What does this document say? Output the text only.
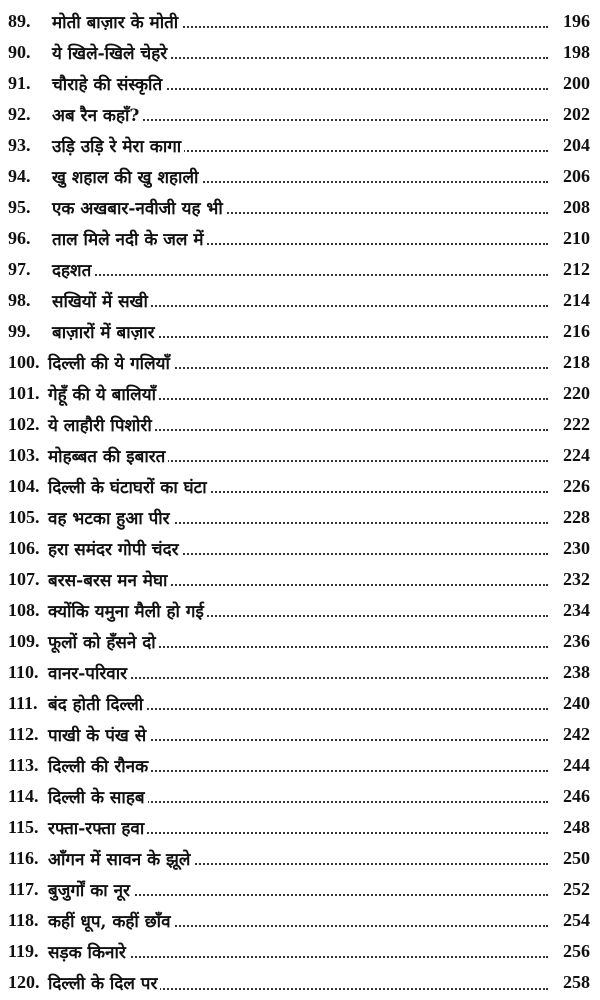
89. मोती बाज़ार के मोती	196
90. ये खिले-खिले चेहरे	198
91. चौराहे की संस्कृति	200
92. अब रैन कहाँ?	202
93. उड़ि उड़ि रे मेरा कागा	204
94. खु शहाल की खु शहाली	206
95. एक अखबार-नवीजी यह भी	208
96. ताल मिले नदी के जल में	210
97. दहशत	212
98. सखियों में सखी	214
99. बाज़ारों में बाज़ार	216
100. दिल्ली की ये गलियाँ	218
101. गेहूँ की ये बालियाँ	220
102. ये लाहौरी पिशोरी	222
103. मोहब्बत की इबारत	224
104. दिल्ली के घंटाघरों का घंटा	226
105. वह भटका हुआ पीर	228
106. हरा समंदर गोपी चंदर	230
107. बरस-बरस मन मेघा	232
108. क्योंकि यमुना मैली हो गई	234
109. फूलों को हँसने दो	236
110. वानर-परिवार	238
111. बंद होती दिल्ली	240
112. पाखी के पंख से	242
113. दिल्ली की रौनक	244
114. दिल्ली के साहब	246
115. रफ्ता-रफ्ता हवा	248
116. आँगन में सावन के झूले	250
117. बुजुर्गों का नूर	252
118. कहीं धूप, कहीं छाँव	254
119. सड़क किनारे	256
120. दिल्ली के दिल पर	258
